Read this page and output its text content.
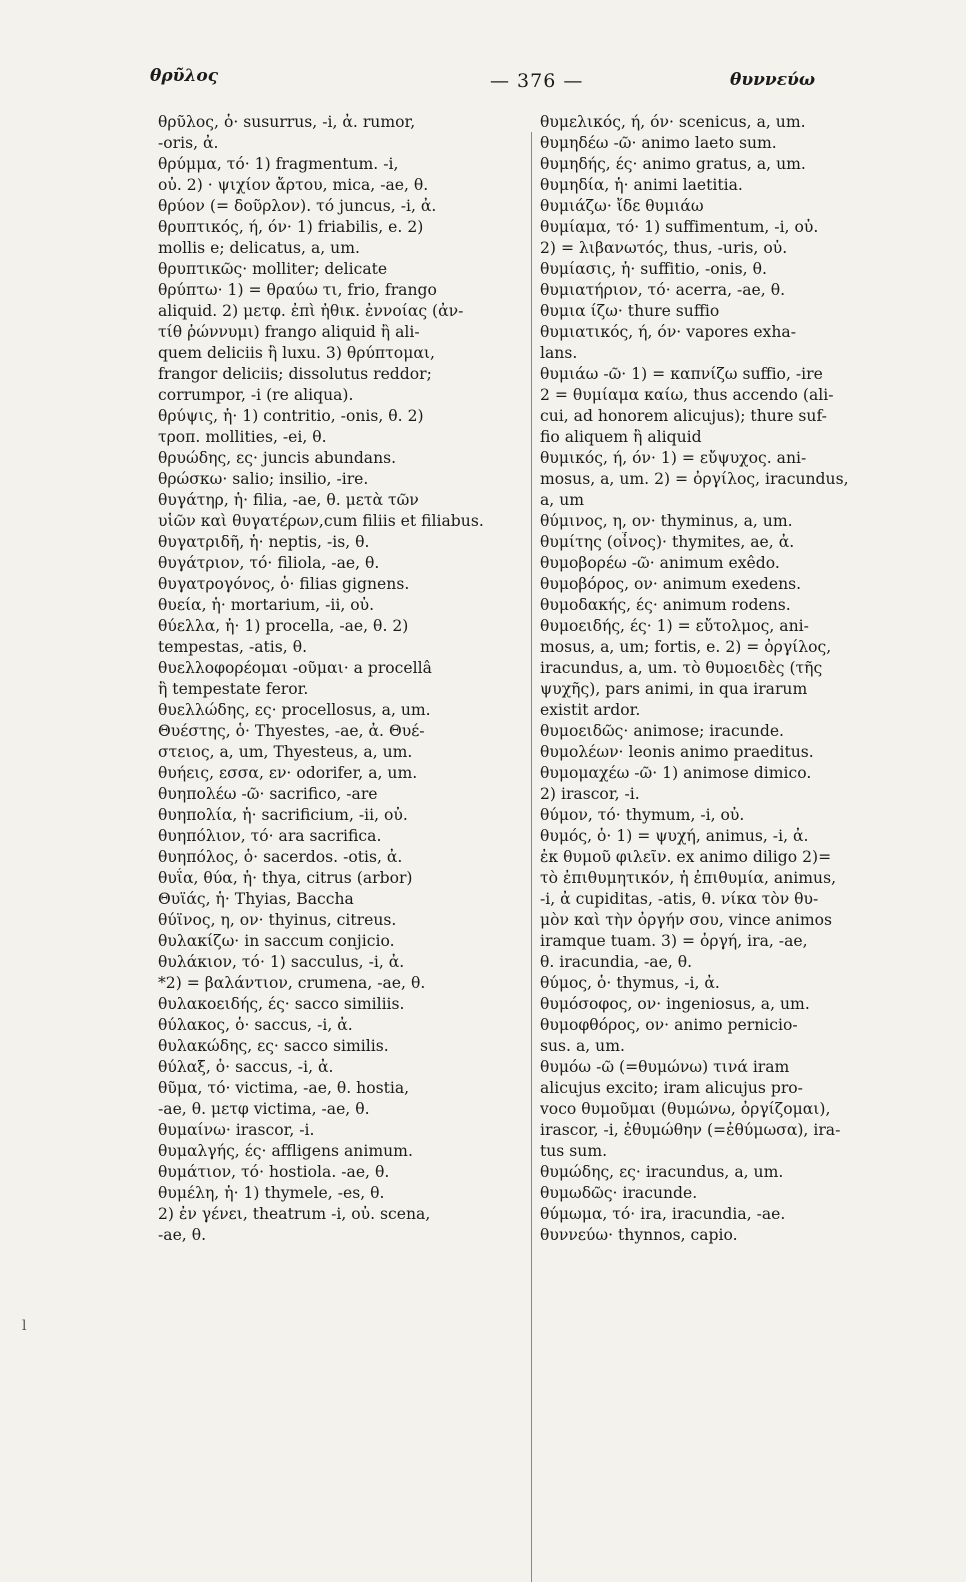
θρῦλος	— 376 —	θυννεύω
θρῦλος, ὁ· susurrus, -i, ἀ. rumor,
-oris, ἀ.
θρύμμα, τό· 1) fragmentum. -i,
οὐ. 2) · ψιχίον ἄρτου, mica, -ae, θ.
θρύον (= δοῦρλον). τό juncus, -i, ἀ.
θρυπτικός, ή, όν· 1) friabilis, e. 2)
mollis e; delicatus, a, um.
θρυπτικῶς· molliter; delicate
θρύπτω· 1) = θραύω τι, frio, frango
aliquid. 2) μετφ. ἐπὶ ἠθικ. ἐννοίας (ἀν-
τίθ ῥώννυμι) frango aliquid ἢ ali-
quem deliciis ἢ luxu. 3) θρύπτομαι,
frangor deliciis; dissolutus reddor;
corrumpor, -i (re aliqua).
θρύψις, ἡ· 1) contritio, -onis, θ. 2)
τροπ. mollities, -ei, θ.
θρυώδης, ες· juncis abundans.
θρώσκω· salio; insilio, -ire.
θυγάτηρ, ἡ· filia, -ae, θ. μετὰ τῶν
υἱῶν καὶ θυγατέρων,cum filiis et filiabus.
θυγατριδῆ, ἡ· neptis, -is, θ.
θυγάτριον, τό· filiola, -ae, θ.
θυγατρογόνος, ὁ· filias gignens.
θυεία, ἡ· mortarium, -ii, οὐ.
θύελλα, ἡ· 1) procella, -ae, θ. 2)
tempestas, -atis, θ.
θυελλοφορέομαι -οῦμαι· a procellâ
ἢ tempestate feror.
θυελλώδης, ες· procellosus, a, um.
Θυέστης, ὁ· Thyestes, -ae, ἀ. Θυέ-
στειος, a, um, Thyesteus, a, um.
θυήεις, εσσα, εν· odorifer, a, um.
θυηπολέω -ῶ· sacrifico, -are
θυηπολία, ἡ· sacrificium, -ii, οὐ.
θυηπόλιον, τό· ara sacrifica.
θυηπόλος, ὁ· sacerdos. -otis, ἀ.
θυΐα, θύα, ἡ· thya, citrus (arbor)
Θυϊάς, ἡ· Thyias, Baccha
θύϊνος, η, ον· thyinus, citreus.
θυλακίζω· in saccum conjicio.
θυλάκιον, τό· 1) sacculus, -i, ἀ.
*2) = βαλάντιον, crumena, -ae, θ.
θυλακοειδής, ές· sacco similiis.
θύλακος, ὁ· saccus, -i, ἀ.
θυλακώδης, ες· sacco similis.
θύλαξ, ὁ· saccus, -i, ἀ.
θῦμα, τό· victima, -ae, θ. hostia,
-ae, θ. μετφ victima, -ae, θ.
θυμαίνω· irascor, -i.
θυμαλγής, ές· affligens animum.
θυμάτιον, τό· hostiola. -ae, θ.
θυμέλη, ἡ· 1) thymele, -es, θ.
2) ἐν γένει, theatrum -i, οὐ. scena,
-ae, θ.
θυμελικός, ή, όν· scenicus, a, um.
θυμηδέω -ῶ· animo laeto sum.
θυμηδής, ές· animo gratus, a, um.
θυμηδία, ἡ· animi laetitia.
θυμιάζω· ἴδε θυμιάω
θυμίαμα, τό· 1) suffimentum, -i, οὐ.
2) = λιβανωτός, thus, -uris, οὐ.
θυμίασις, ἡ· suffitio, -onis, θ.
θυμιατήριον, τό· acerra, -ae, θ.
θυμια ίζω· thure suffio
θυμιατικός, ή, όν· vapores exha-
lans.
θυμιάω -ῶ· 1) = καπνίζω suffio, -ire
2 = θυμίαμα καίω, thus accendo (ali-
cui, ad honorem alicujus); thure suf-
fio aliquem ἢ aliquid
θυμικός, ή, όν· 1) = εὔψυχος. ani-
mosus, a, um. 2) = ὀργίλος, iracundus,
a, um
θύμινος, η, ον· thyminus, a, um.
θυμίτης (οἶνος)· thymites, ae, ἀ.
θυμοβορέω -ῶ· animum exêdo.
θυμοβόρος, ον· animum exedens.
θυμοδακής, ές· animum rodens.
θυμοειδής, ές· 1) = εὔτολμος, ani-
mosus, a, um; fortis, e. 2) = ὀργίλος,
iracundus, a, um. τὸ θυμοειδὲς (τῆς
ψυχῆς), pars animi, in qua irarum
existit ardor.
θυμοειδῶς· animose; iracunde.
θυμολέων· leonis animo praeditus.
θυμομαχέω -ῶ· 1) animose dimico.
2) irascor, -i.
θύμον, τό· thymum, -i, οὐ.
θυμός, ὁ· 1) = ψυχή, animus, -i, ἀ.
ἐκ θυμοῦ φιλεῖν. ex animo diligo 2)=
τὸ ἐπιθυμητικόν, ἡ ἐπιθυμία, animus,
-i, ἀ cupiditas, -atis, θ. νίκα τὸν θυ-
μὸν καὶ τὴν ὀργήν σου, vince animos
iramque tuam. 3) = ὀργή, ira, -ae,
θ. iracundia, -ae, θ.
θύμος, ὁ· thymus, -i, ἀ.
θυμόσοφος, ον· ingeniosus, a, um.
θυμοφθόρος, ον· animo pernicio-
sus. a, um.
θυμόω -ῶ (=θυμώνω) τινά iram
alicujus excito; iram alicujus pro-
voco θυμοῦμαι (θυμώνω, ὀργίζομαι),
irascor, -i, ἐθυμώθην (=ἐθύμωσα), ira-
tus sum.
θυμώδης, ες· iracundus, a, um.
θυμωδῶς· iracunde.
θύμωμα, τό· ira, iracundia, -ae.
θυννεύω· thynnos, capio.
l
